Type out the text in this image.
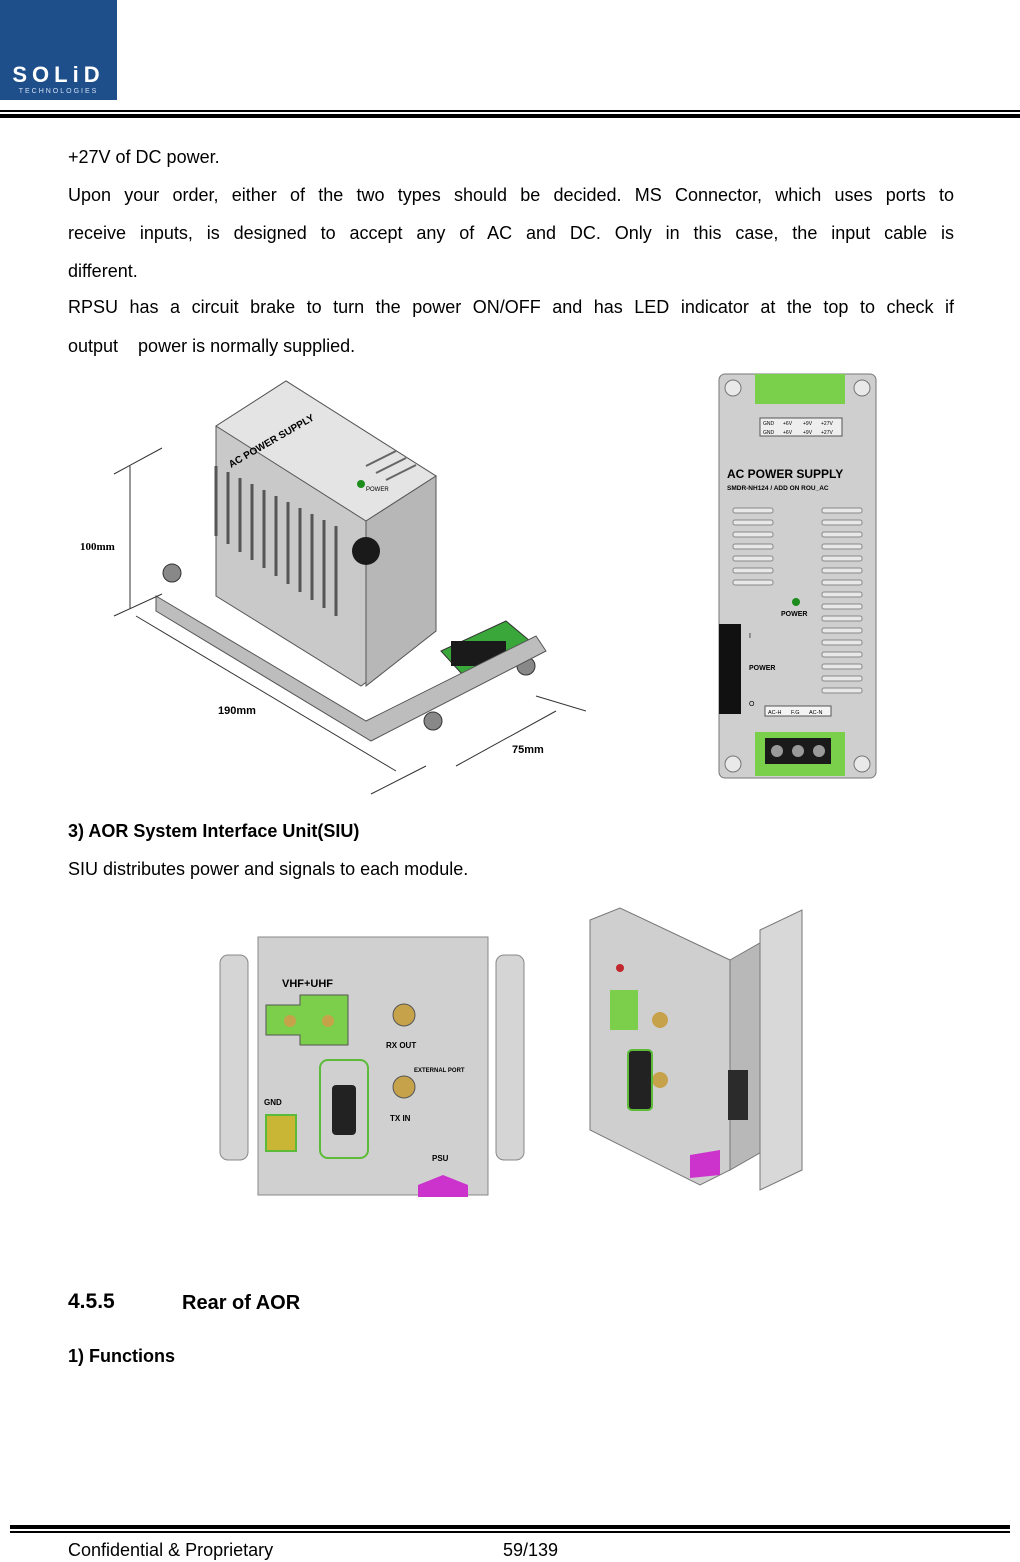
SOLiD
TECHNOLOGIES
+27V of DC power.
Upon your order, either of the two types should be decided. MS Connector, which uses ports to
receive inputs, is designed to accept any of AC and DC. Only in this case, the input cable is
different.
RPSU has a circuit brake to turn the power ON/OFF and has LED indicator at the top to check if
output    power is normally supplied.
AC POWER SUPPLY
POWER
100mm
190mm
75mm
GND +6V +9V +27V
GND +6V +9V +27V
AC POWER SUPPLY
SMDR-NH124 / ADD ON ROU_AC
POWER
I
POWER
O
AC-H F.G AC-N
3) AOR System Interface Unit(SIU)
SIU distributes power and signals to each module.
VHF+UHF
RX OUT
EXTERNAL PORT
TX IN
GND
PSU
4.5.5	Rear of AOR
1) Functions
Confidential & Proprietary	59/139
